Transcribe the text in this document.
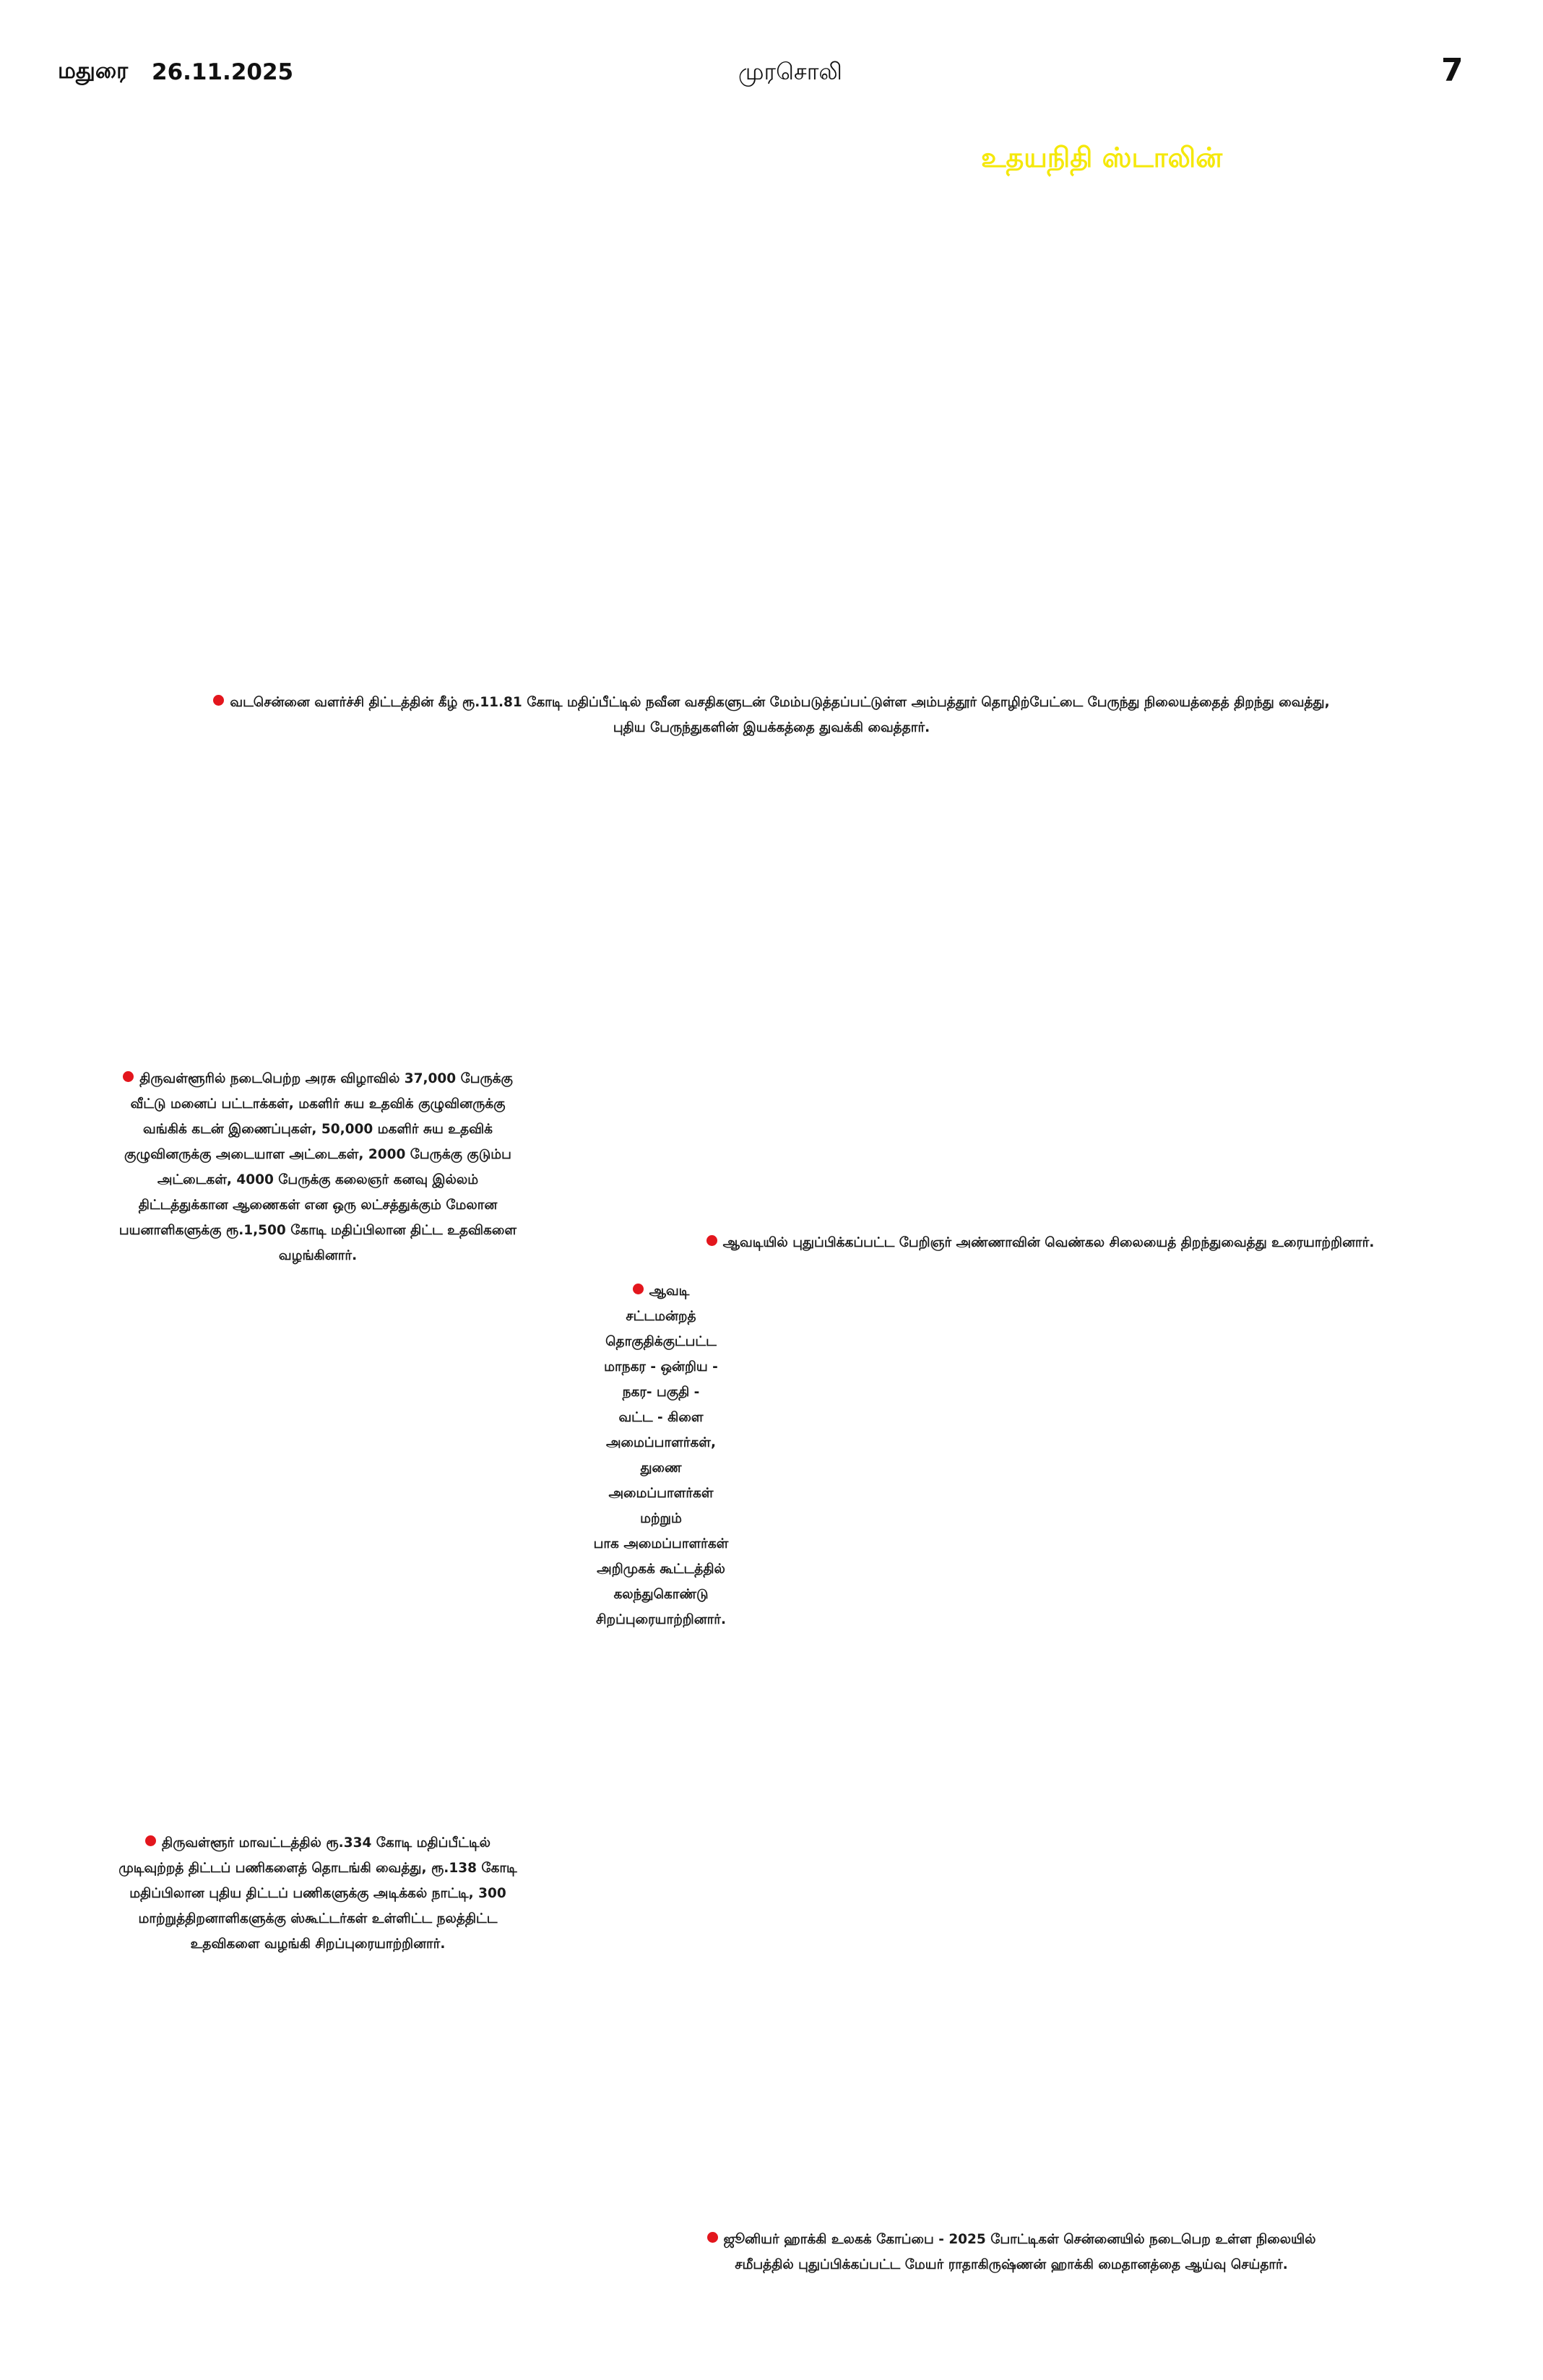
மதுரை 26.11.2025	முரசொலி	7
உதயநிதி ஸ்டாலின்
வடசென்னை வளர்ச்சி திட்டத்தின் கீழ் ரூ.11.81 கோடி மதிப்பீட்டில் நவீன வசதிகளுடன் மேம்படுத்தப்பட்டுள்ள அம்பத்தூர் தொழிற்பேட்டை பேருந்து நிலையத்தைத் திறந்து வைத்து,
புதிய பேருந்துகளின் இயக்கத்தை துவக்கி வைத்தார்.
திருவள்ளூரில் நடைபெற்ற அரசு விழாவில் 37,000 பேருக்கு
வீட்டு மனைப் பட்டாக்கள், மகளிர் சுய உதவிக் குழுவினருக்கு
வங்கிக் கடன் இணைப்புகள், 50,000 மகளிர் சுய உதவிக்
குழுவினருக்கு அடையாள அட்டைகள், 2000 பேருக்கு குடும்ப
அட்டைகள், 4000 பேருக்கு கலைஞர் கனவு இல்லம்
திட்டத்துக்கான ஆணைகள் என ஒரு லட்சத்துக்கும் மேலான
பயனாளிகளுக்கு ரூ.1,500 கோடி மதிப்பிலான திட்ட உதவிகளை
வழங்கினார்.
ஆவடியில் புதுப்பிக்கப்பட்ட பேறிஞர் அண்ணாவின் வெண்கல சிலையைத் திறந்துவைத்து உரையாற்றினார்.
ஆவடி
சட்டமன்றத்
தொகுதிக்குட்பட்ட
மாநகர - ஒன்றிய -
நகர- பகுதி -
வட்ட - கிளை
அமைப்பாளர்கள்,
துணை
அமைப்பாளர்கள்
மற்றும்
பாக அமைப்பாளர்கள்
அறிமுகக் கூட்டத்தில்
கலந்துகொண்டு
சிறப்புரையாற்றினார்.
திருவள்ளூர் மாவட்டத்தில் ரூ.334 கோடி மதிப்பீட்டில்
முடிவுற்றத் திட்டப் பணிகளைத் தொடங்கி வைத்து, ரூ.138 கோடி
மதிப்பிலான புதிய திட்டப் பணிகளுக்கு அடிக்கல் நாட்டி, 300
மாற்றுத்திறனாளிகளுக்கு ஸ்கூட்டர்கள் உள்ளிட்ட நலத்திட்ட
உதவிகளை வழங்கி சிறப்புரையாற்றினார்.
ஜூனியர் ஹாக்கி உலகக் கோப்பை - 2025 போட்டிகள் சென்னையில் நடைபெற உள்ள நிலையில்
சமீபத்தில் புதுப்பிக்கப்பட்ட மேயர் ராதாகிருஷ்ணன் ஹாக்கி மைதானத்தை ஆய்வு செய்தார்.
